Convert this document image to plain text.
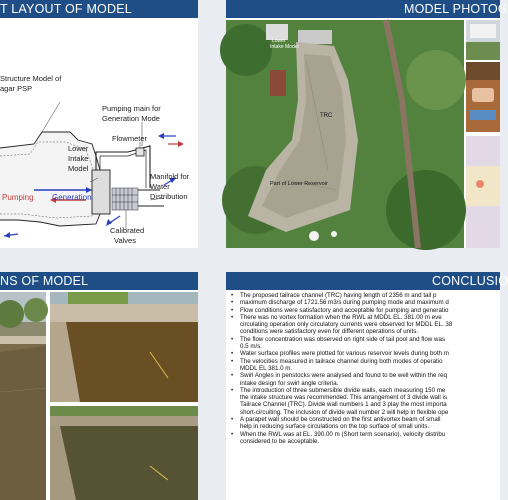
T LAYOUT OF MODEL
Structure Model of
agar PSP
Pumping main for
Generation Mode
Flowmeter
Lower
Intake
Model
Manifold for
Water
Distribution
Calibrated
Valves
Pumping Generation
MODEL PHOTOG
Lower
Intake Model
TRC
Part of Lower Reservoir
NS OF MODEL	CONCLUSIO
• The proposed tailrace channel (TRC) having length of 2356 m and tail p
• maximum discharge of 1721.56 m3/s during pumping mode and maximum d
• Flow conditions were satisfactory and acceptable for pumping and generatio
• There was no vortex formation when the RWL at MDDL EL. 381.00 m eve
circulating operation only circulatory currents were observed for MDDL EL. 38
conditions were satisfactory even for different operations of units.
• The flow concentration was observed on right side of tail pool and flow was
0.5 m/s.
• Water surface profiles were plotted for various reservoir levels during both m
• The velocities measured in tailrace channel during both modes of operatio
MDDL EL 381.0 m.
• Swirl Angles in penstocks were analysed and found to be well within the req
intake design for swirl angle criteria.
• The introduction of three submersible divide walls, each measuring 150 me
the intake structure was recommended. This arrangement of 3 divide wall is
Tailrace Channel (TRC). Divide wall numbers 1 and 3 play the most importa
short-circuiting. The inclusion of divide wall number 2 will help in flexible ope
• A parapet wall should be constructed on the first antivortex beam of small
help in reducing surface circulations on the top surface of small units.
• When the RWL was at EL. 390.00 m (Short term scenario), velocity distribu
considered to be acceptable.
